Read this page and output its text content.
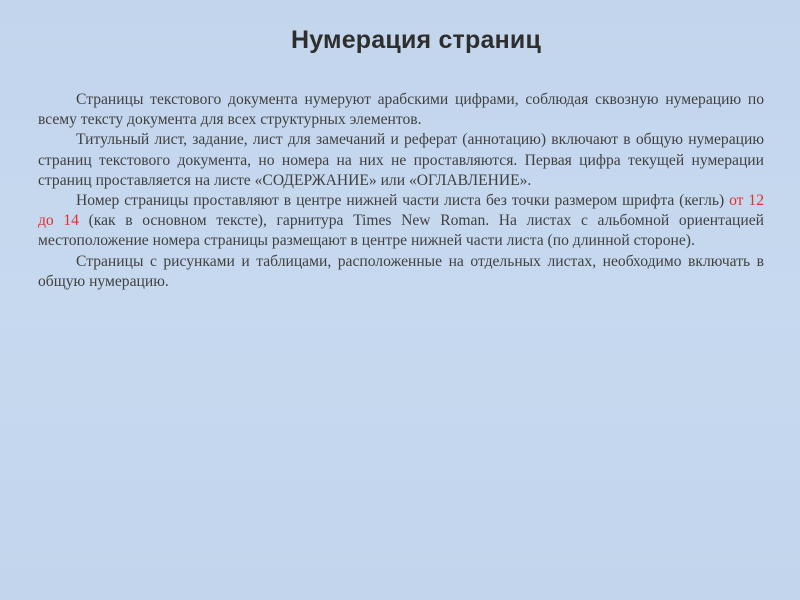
Нумерация страниц

Страницы текстового документа нумеруют арабскими цифрами, соблюдая сквозную нумерацию по всему тексту документа для всех структурных элементов.

Титульный лист, задание, лист для замечаний и реферат (аннотацию) включают в общую нумерацию страниц текстового документа, но номера на них не проставляются. Первая цифра текущей нумерации страниц проставляется на листе «СОДЕРЖАНИЕ» или «ОГЛАВЛЕНИЕ».

Номер страницы проставляют в центре нижней части листа без точки размером шрифта (кегль) от 12 до 14 (как в основном тексте), гарнитура Times New Roman. На листах с альбомной ориентацией местоположение номера страницы размещают в центре нижней части листа (по длинной стороне).

Страницы с рисунками и таблицами, расположенные на отдельных листах, необходимо включать в общую нумерацию.
